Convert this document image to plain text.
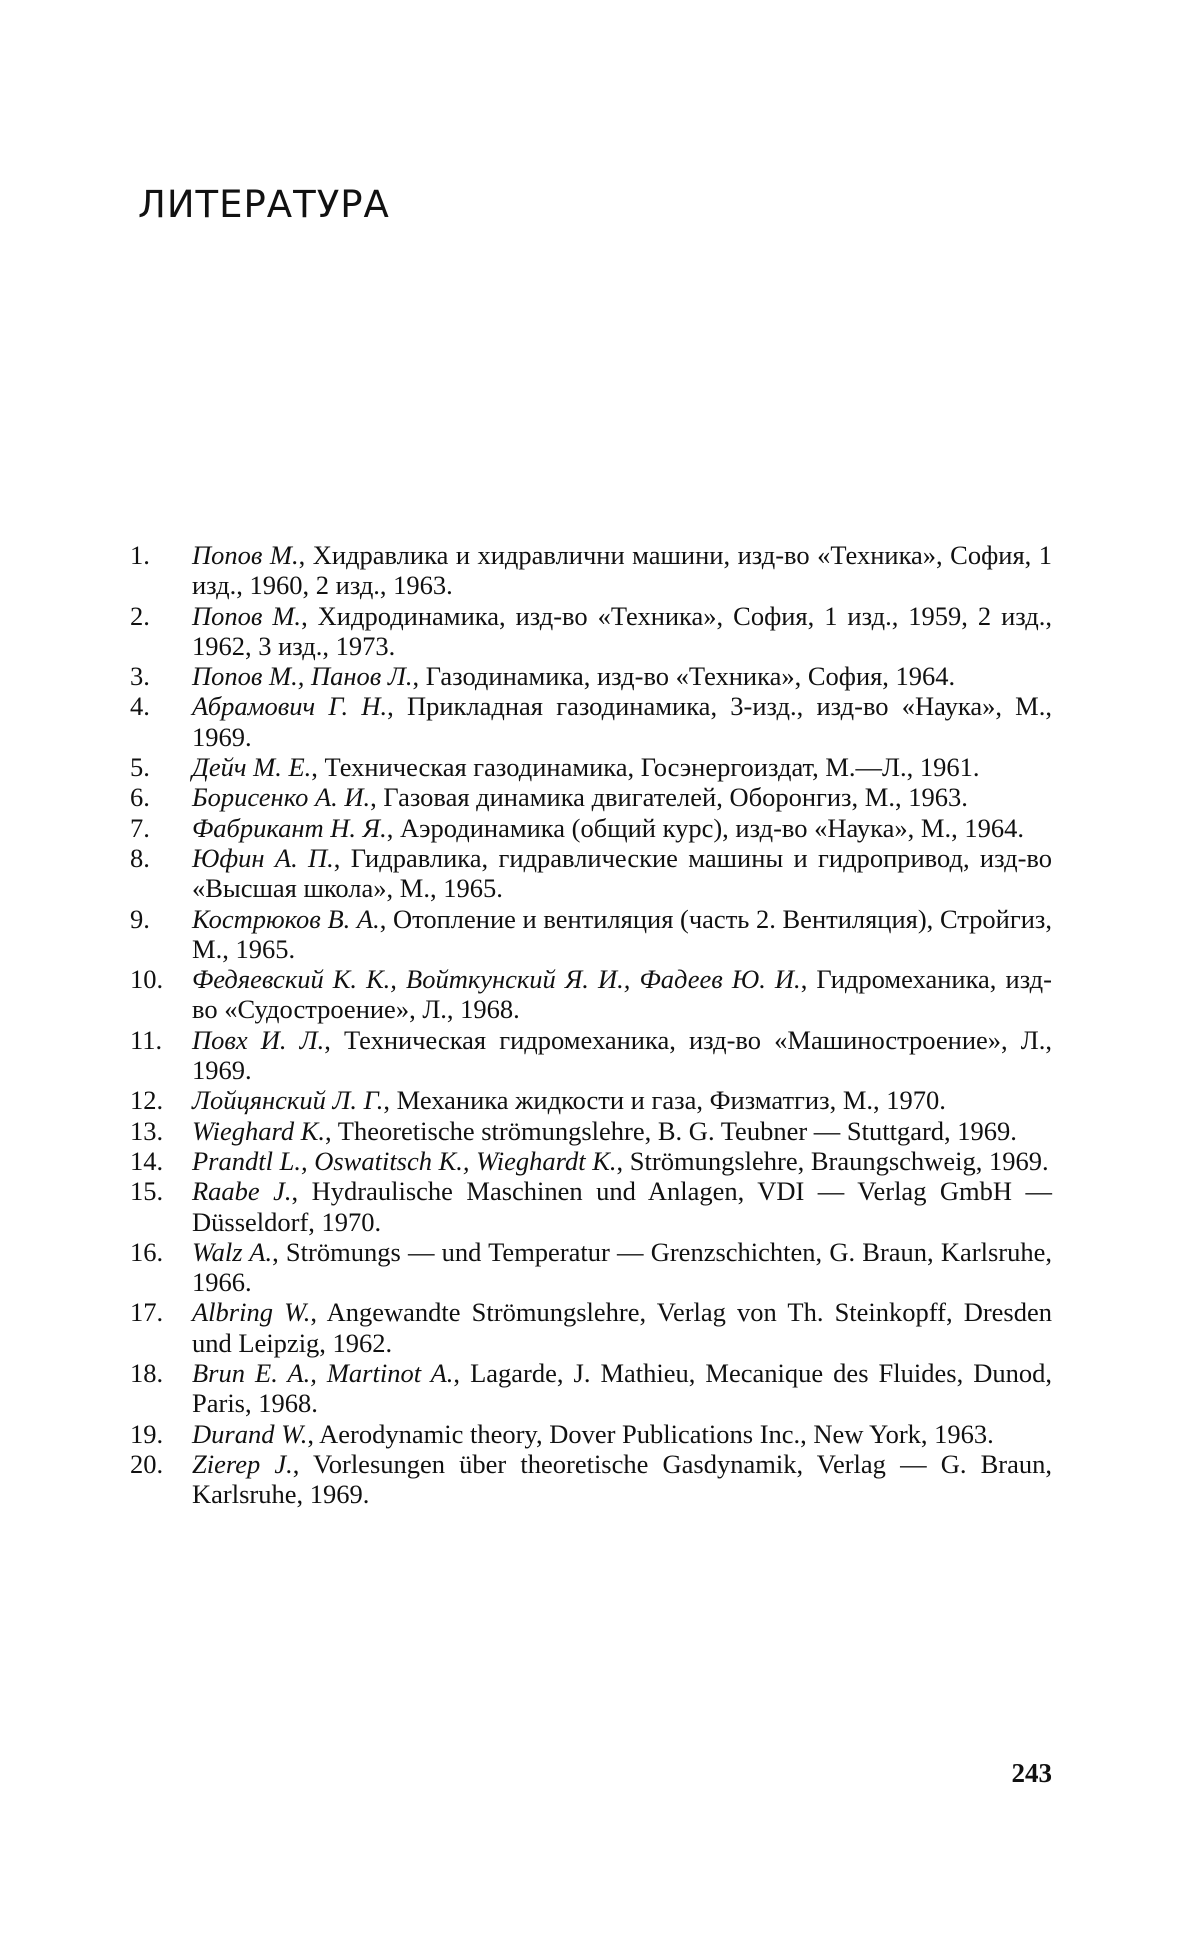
ЛИТЕРАТУРА
1.	Попов М., Хидравлика и хидравлични машини, изд-во «Техника», София, 1 изд., 1960, 2 изд., 1963.
2.	Попов М., Хидродинамика, изд-во «Техника», София, 1 изд., 1959, 2 изд., 1962, 3 изд., 1973.
3.	Попов М., Панов Л., Газодинамика, изд-во «Техника», София, 1964.
4.	Абрамович Г. Н., Прикладная газодинамика, 3-изд., изд-во «Наука», М., 1969.
5.	Дейч М. Е., Техническая газодинамика, Госэнергоиздат, М.—Л., 1961.
6.	Борисенко А. И., Газовая динамика двигателей, Оборонгиз, М., 1963.
7.	Фабрикант Н. Я., Аэродинамика (общий курс), изд-во «Наука», М., 1964.
8.	Юфин А. П., Гидравлика, гидравлические машины и гидропривод, изд-во «Высшая школа», М., 1965.
9.	Кострюков В. А., Отопление и вентиляция (часть 2. Вентиляция), Стройгиз, М., 1965.
10.	Федяевский К. К., Войткунский Я. И., Фадеев Ю. И., Гидромеханика, изд-во «Судостроение», Л., 1968.
11.	Повх И. Л., Техническая гидромеханика, изд-во «Машиностроение», Л., 1969.
12.	Лойцянский Л. Г., Механика жидкости и газа, Физматгиз, М., 1970.
13.	Wieghard K., Theoretische strömungslehre, B. G. Teubner — Stuttgard, 1969.
14.	Prandtl L., Oswatitsch K., Wieghardt K., Strömungslehre, Braungschweig, 1969.
15.	Raabe J., Hydraulische Maschinen und Anlagen, VDI — Verlag GmbH — Düsseldorf, 1970.
16.	Walz A., Strömungs — und Temperatur — Grenzschichten, G. Braun, Karlsruhe, 1966.
17.	Albring W., Angewandte Strömungslehre, Verlag von Th. Steinkopff, Dresden und Leipzig, 1962.
18.	Brun E. A., Martinot A., Lagarde, J. Mathieu, Mecanique des Fluides, Dunod, Paris, 1968.
19.	Durand W., Aerodynamic theory, Dover Publications Inc., New York, 1963.
20.	Zierep J., Vorlesungen über theoretische Gasdynamik, Verlag — G. Braun, Karlsruhe, 1969.
243
